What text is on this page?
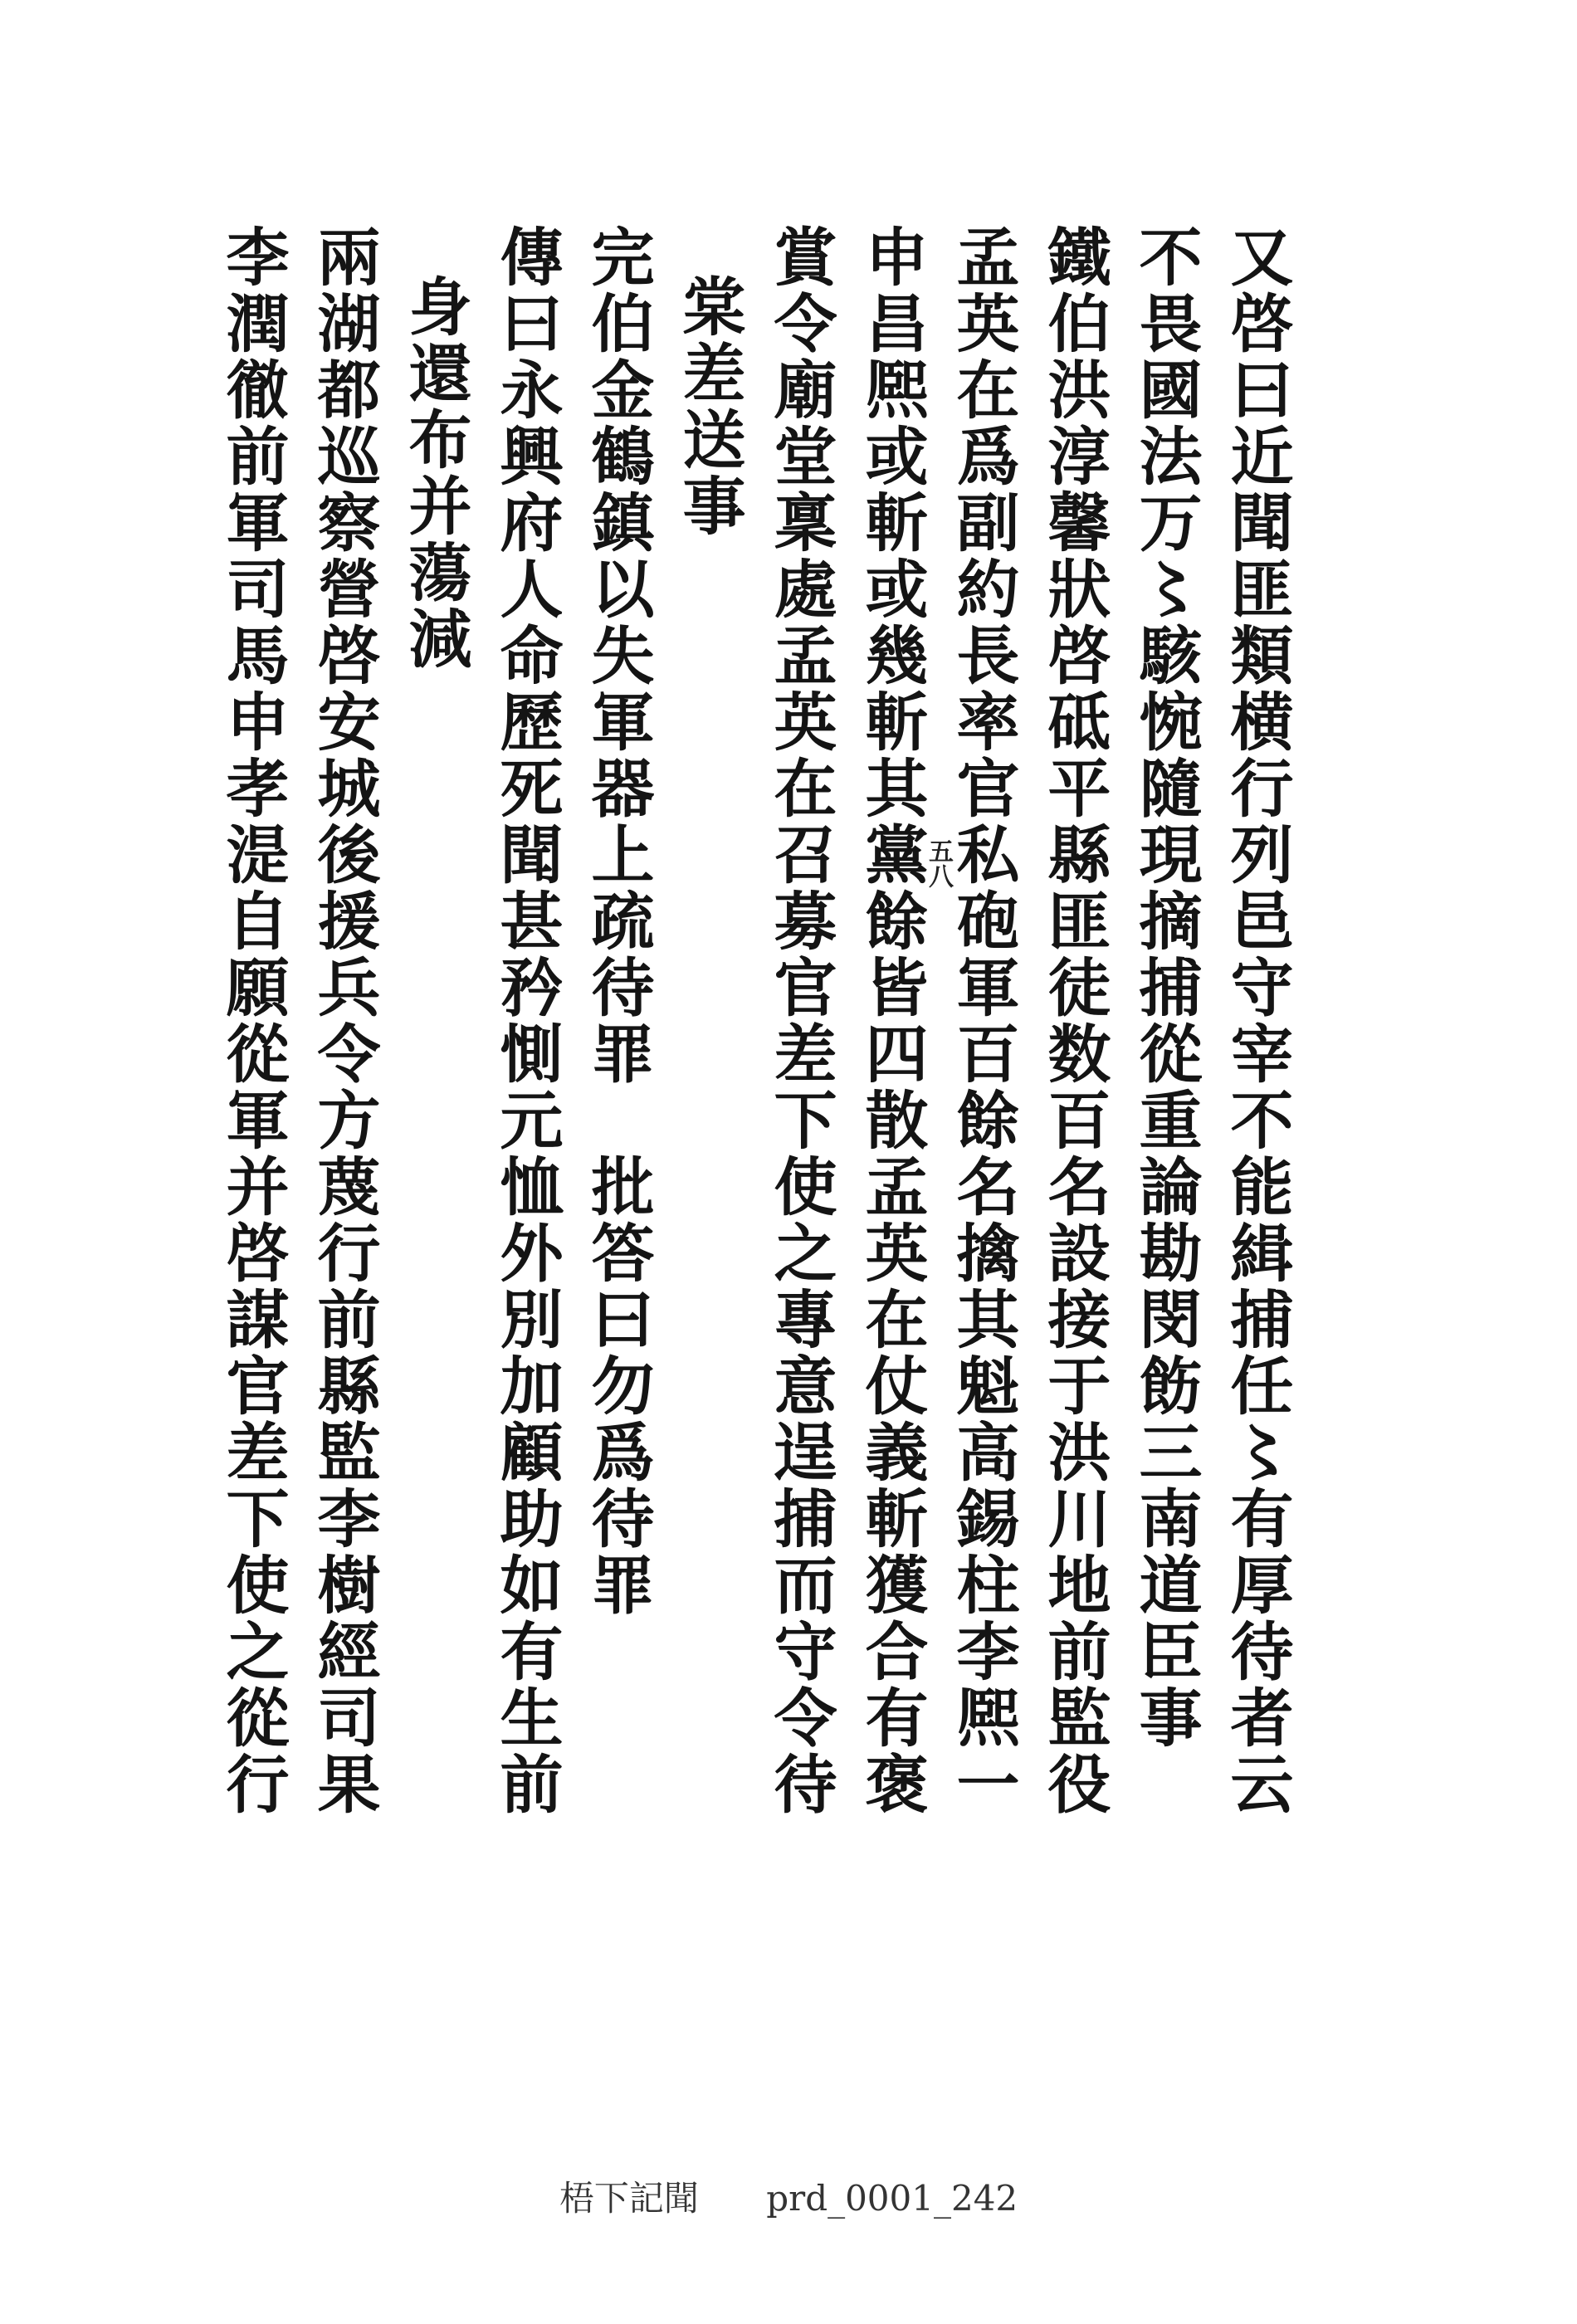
又啓曰近聞匪類横行列邑守宰不能緝捕任〻有厚待者云
不畏國法万〻駭惋隨現摘捕從重論勘閔飭三南道臣事
鐵伯洪淳馨狀啓砥平縣匪徒数百名設接于洪川地前監役
孟英在爲副約長率官私砲軍百餘名擒其魁高錫柱李熈一
申昌熈或斬或幾斬其黨餘皆四散孟英在仗義斬獲合有褒
賞令廟堂稟處孟英在召募官差下使之專意逞捕而守令待
棠差送事
完伯金鶴鎮以失軍器上疏待罪　批答曰勿爲待罪
傳曰永興府人命歷死聞甚矜惻元恤外別加顧助如有生前
身還布并蕩減
兩湖都巡察營啓安城後援兵令方蔑行前縣監李樹經司果
李潤徹前軍司馬申孝湜自願從軍并啓謀官差下使之從行	五八
梧下記聞 prd_0001_242
